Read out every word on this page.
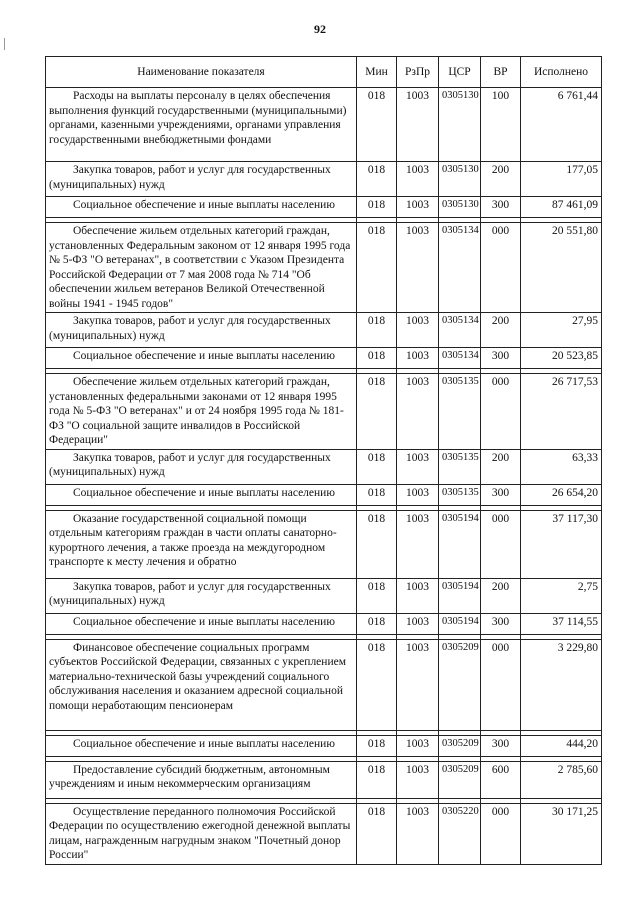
92
Наименование показателя	Мин	РзПр	ЦСР	ВР	Исполнено

Расходы на выплаты персоналу в целях обеспечения выполнения функций государственными (муниципальными) органами, казенными учреждениями, органами управления государственными внебюджетными фондами	018	1003	0305130	100	6 761,44

Закупка товаров, работ и услуг для государственных (муниципальных) нужд	018	1003	0305130	200	177,05

Социальное обеспечение и иные выплаты населению	018	1003	0305130	300	87 461,09

Обеспечение жильем отдельных категорий граждан, установленных Федеральным законом от 12 января 1995 года № 5-ФЗ "О ветеранах", в соответствии с Указом Президента Российской Федерации от 7 мая 2008 года № 714 "Об обеспечении жильем ветеранов Великой Отечественной войны 1941 - 1945 годов"	018	1003	0305134	000	20 551,80

Закупка товаров, работ и услуг для государственных (муниципальных) нужд	018	1003	0305134	200	27,95

Социальное обеспечение и иные выплаты населению	018	1003	0305134	300	20 523,85

Обеспечение жильем отдельных категорий граждан, установленных федеральными законами от 12 января 1995 года № 5-ФЗ "О ветеранах" и от 24 ноября 1995 года № 181-ФЗ "О социальной защите инвалидов в Российской Федерации"	018	1003	0305135	000	26 717,53

Закупка товаров, работ и услуг для государственных (муниципальных) нужд	018	1003	0305135	200	63,33

Социальное обеспечение и иные выплаты населению	018	1003	0305135	300	26 654,20

Оказание государственной социальной помощи отдельным категориям граждан в части оплаты санаторно-курортного лечения, а также проезда на междугородном транспорте к месту лечения и обратно	018	1003	0305194	000	37 117,30

Закупка товаров, работ и услуг для государственных (муниципальных) нужд	018	1003	0305194	200	2,75

Социальное обеспечение и иные выплаты населению	018	1003	0305194	300	37 114,55

Финансовое обеспечение социальных программ субъектов Российской Федерации, связанных с укреплением материально-технической базы учреждений социального обслуживания населения и оказанием адресной социальной помощи неработающим пенсионерам	018	1003	0305209	000	3 229,80

Социальное обеспечение и иные выплаты населению	018	1003	0305209	300	444,20

Предоставление субсидий бюджетным, автономным учреждениям и иным некоммерческим организациям	018	1003	0305209	600	2 785,60

Осуществление переданного полномочия Российской Федерации по осуществлению ежегодной денежной выплаты лицам, награжденным нагрудным знаком "Почетный донор России"	018	1003	0305220	000	30 171,25
